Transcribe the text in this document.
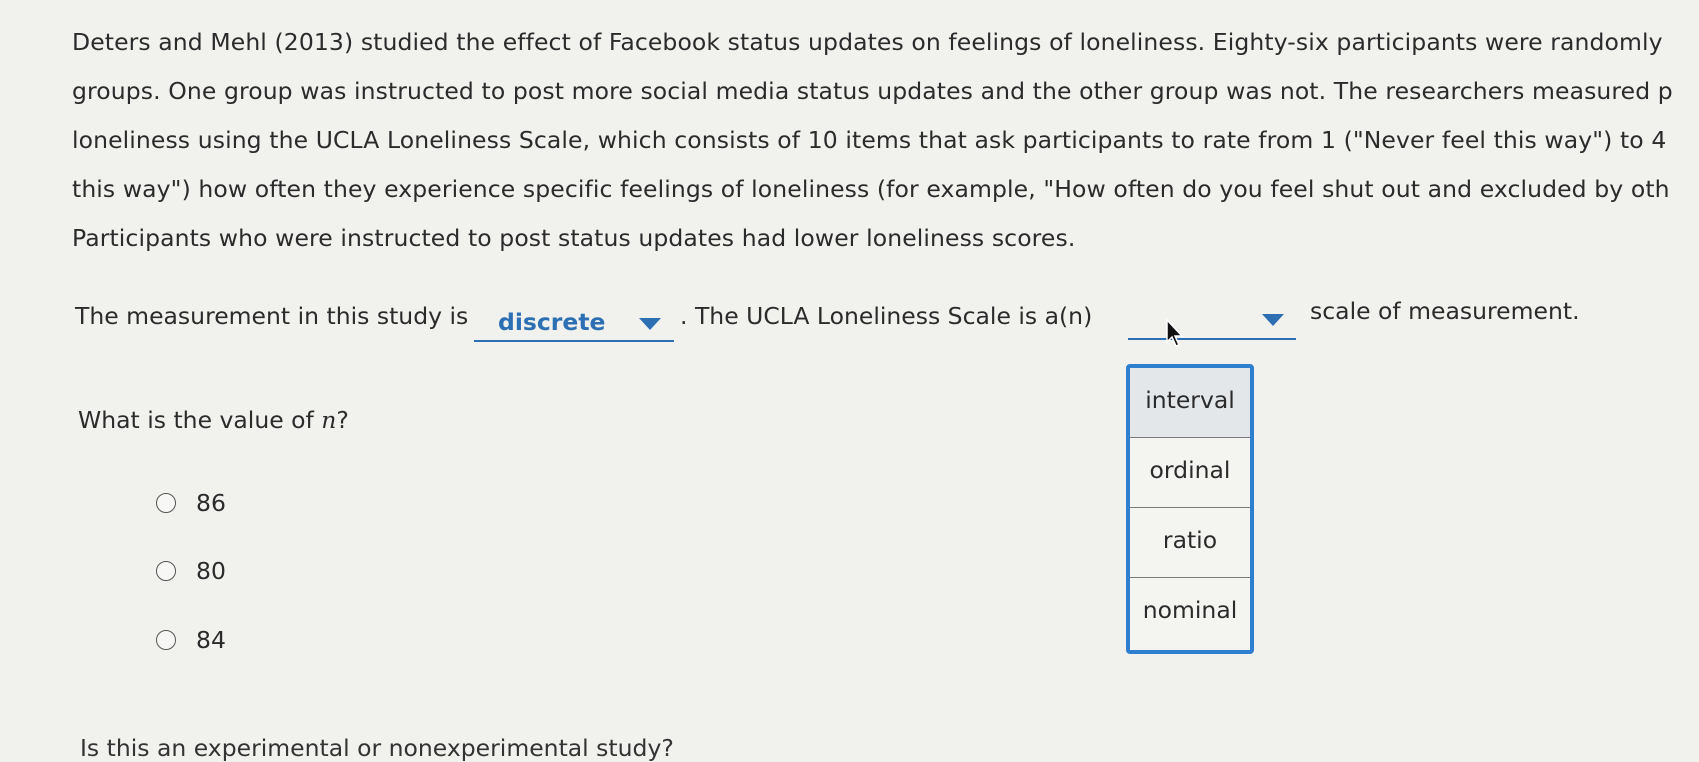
Deters and Mehl (2013) studied the effect of Facebook status updates on feelings of loneliness. Eighty-six participants were randomly
groups. One group was instructed to post more social media status updates and the other group was not. The researchers measured p
loneliness using the UCLA Loneliness Scale, which consists of 10 items that ask participants to rate from 1 ("Never feel this way") to 4
this way") how often they experience specific feelings of loneliness (for example, "How often do you feel shut out and excluded by oth
Participants who were instructed to post status updates had lower loneliness scores.
The measurement in this study is discrete	. The UCLA Loneliness Scale is a(n)	scale of measurement.
interval
ordinal
ratio
nominal
What is the value of n?
86
80
84
Is this an experimental or nonexperimental study?
